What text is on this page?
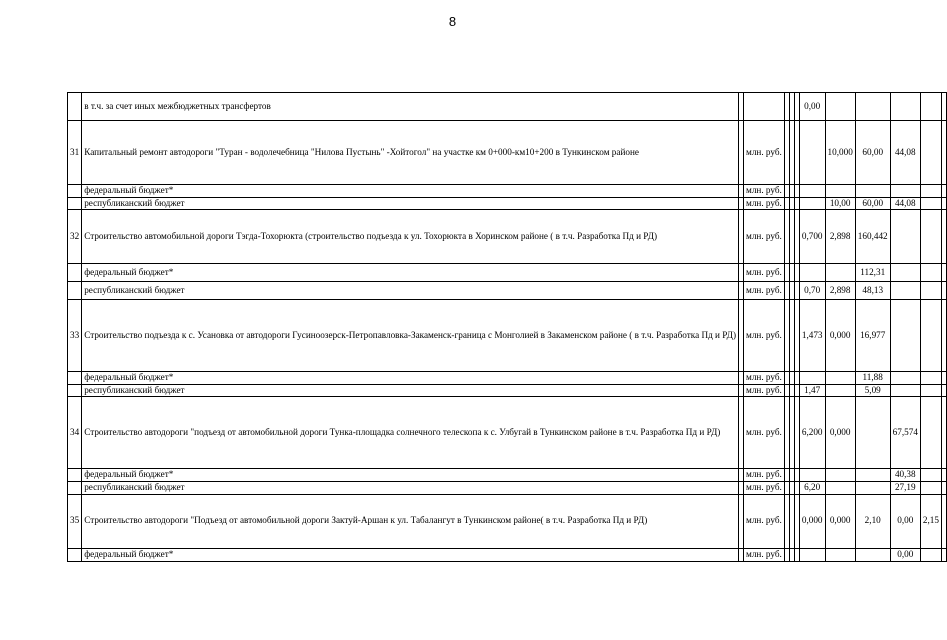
8
	в т.ч. за счет иных межбюджетных трансфертов						0,00					
31	Капитальный ремонт автодороги "Туран - водолечебница "Нилова Пустынь" -Хойтогол" на участке км 0+000-км10+200 в Тункинском районе		млн. руб.					10,000	60,00	44,08		
	федеральный бюджет*		млн. руб.									
	республиканский бюджет		млн. руб.					10,00	60,00	44,08		
32	Строительство автомобильной дороги Тэгда-Тохорюкта (строительство подъезда к ул. Тохорюкта в Хоринском районе ( в т.ч. Разработка Пд и РД)		млн. руб.				0,700	2,898	160,442			
	федеральный бюджет*		млн. руб.						112,31			
	республиканский бюджет		млн. руб.				0,70	2,898	48,13			
33	Строительство подъезда к с. Усановка от автодороги Гусиноозерск-Петропавловка-Закаменск-граница с Монголией в Закаменском районе ( в т.ч. Разработка Пд и РД)		млн. руб.				1,473	0,000	16,977			
	федеральный бюджет*		млн. руб.						11,88			
	республиканский бюджет		млн. руб.				1,47		5,09			
34	Строительство автодороги "подъезд от автомобильной дороги Тунка-площадка солнечного телескопа к с. Улбугай в Тункинском районе в т.ч. Разработка Пд и РД)		млн. руб.				6,200	0,000		67,574		
	федеральный бюджет*		млн. руб.							40,38		
	республиканский бюджет		млн. руб.				6,20			27,19		
35	Строительство автодороги "Подъезд от автомобильной дороги Зактуй-Аршан к ул. Табалангут в Тункинском районе( в т.ч. Разработка Пд и РД)		млн. руб.				0,000	0,000	2,10	0,00	2,15	
	федеральный бюджет*		млн. руб.							0,00		
